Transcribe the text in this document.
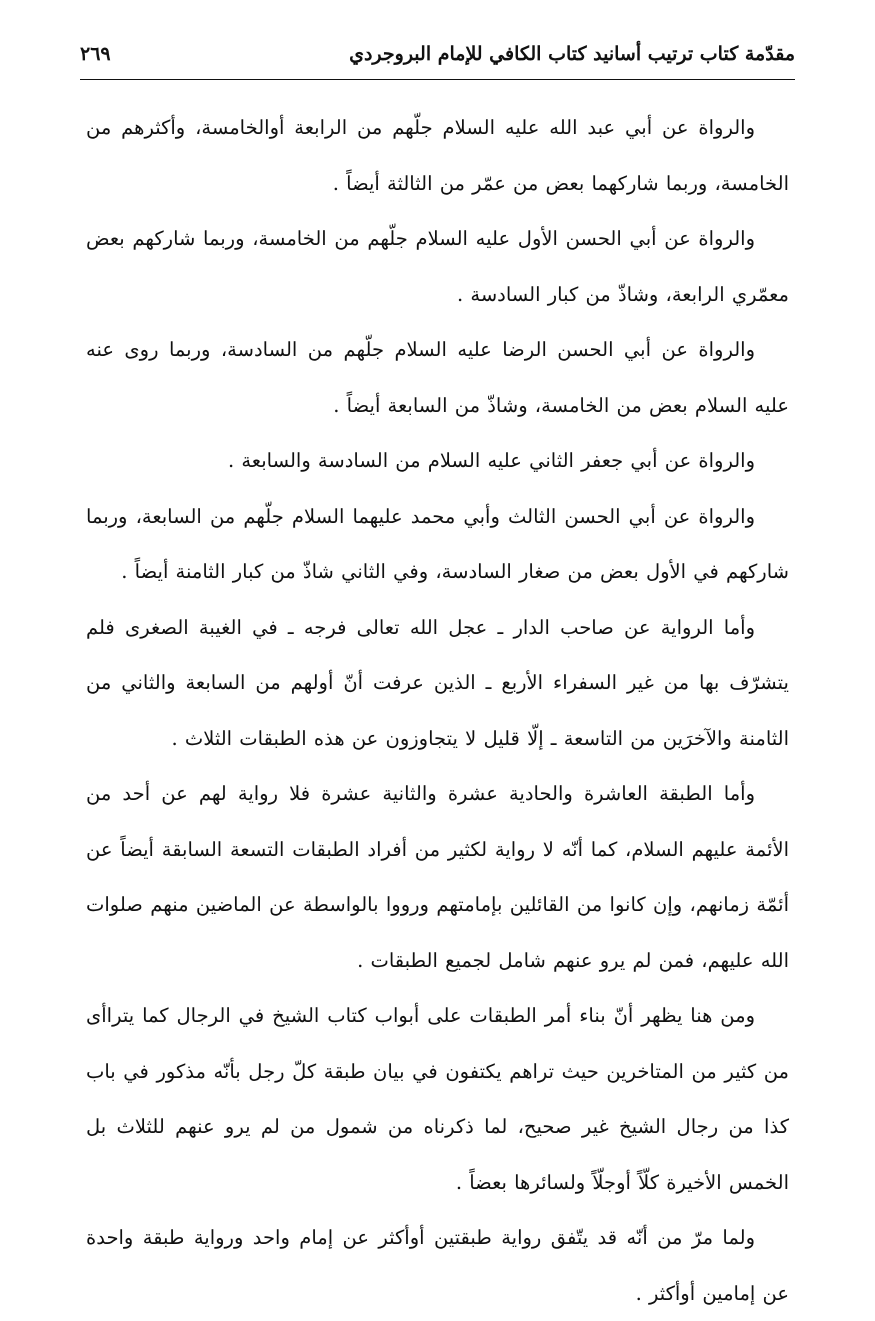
مقدّمة كتاب ترتيب أسانيد كتاب الكافي للإمام البروجردي
٢٦٩

والرواة عن أبي عبد الله عليه السلام جلّهم من الرابعة أوالخامسة، وأكثرهم من الخامسة، وربما شاركهما بعض من عمّر من الثالثة أيضاً .

والرواة عن أبي الحسن الأول عليه السلام جلّهم من الخامسة، وربما شاركهم بعض معمّري الرابعة، وشاذّ من كبار السادسة .

والرواة عن أبي الحسن الرضا عليه السلام جلّهم من السادسة، وربما روى عنه عليه السلام بعض من الخامسة، وشاذّ من السابعة أيضاً .

والرواة عن أبي جعفر الثاني عليه السلام من السادسة والسابعة .

والرواة عن أبي الحسن الثالث وأبي محمد عليهما السلام جلّهم من السابعة، وربما شاركهم في الأول بعض من صغار السادسة، وفي الثاني شاذّ من كبار الثامنة أيضاً .

وأما الرواية عن صاحب الدار ـ عجل الله تعالى فرجه ـ في الغيبة الصغرى فلم يتشرّف بها من غير السفراء الأربع ـ الذين عرفت أنّ أولهم من السابعة والثاني من الثامنة والآخرَين من التاسعة ـ إلّا قليل لا يتجاوزون عن هذه الطبقات الثلاث .

وأما الطبقة العاشرة والحادية عشرة والثانية عشرة فلا رواية لهم عن أحد من الأئمة عليهم السلام، كما أنّه لا رواية لكثير من أفراد الطبقات التسعة السابقة أيضاً عن أئمّة زمانهم، وإن كانوا من القائلين بإمامتهم ورووا بالواسطة عن الماضين منهم صلوات الله عليهم، فمن لم يرو عنهم شامل لجميع الطبقات .

ومن هنا يظهر أنّ بناء أمر الطبقات على أبواب كتاب الشيخ في الرجال كما يتراأى من كثير من المتاخرين حيث تراهم يكتفون في بيان طبقة كلّ رجل بأنّه مذكور في باب كذا من رجال الشيخ غير صحيح، لما ذكرناه من شمول من لم يرو عنهم للثلاث بل الخمس الأخيرة كلّاً أوجلّاً ولسائرها بعضاً .

ولما مرّ من أنّه قد يتّفق رواية طبقتين أوأكثر عن إمام واحد ورواية طبقة واحدة عن إمامين أوأكثر .
